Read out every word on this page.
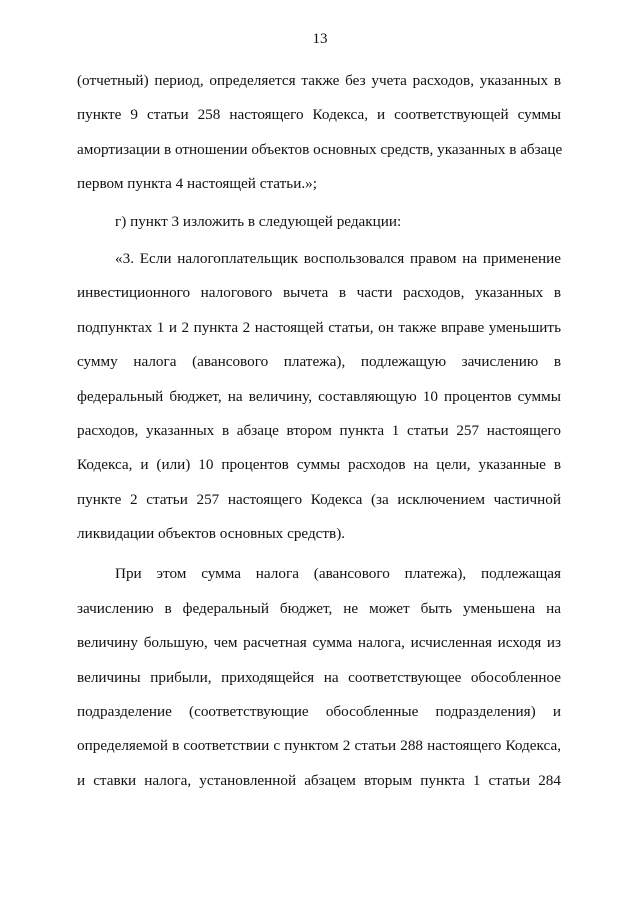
13
(отчетный) период, определяется также без учета расходов, указанных в
пункте 9 статьи 258 настоящего Кодекса, и соответствующей суммы
амортизации в отношении объектов основных средств, указанных в абзаце
первом пункта 4 настоящей статьи.»;
г) пункт 3 изложить в следующей редакции:
«3. Если налогоплательщик воспользовался правом на применение
инвестиционного налогового вычета в части расходов, указанных в
подпунктах 1 и 2 пункта 2 настоящей статьи, он также вправе уменьшить
сумму налога (авансового платежа), подлежащую зачислению в
федеральный бюджет, на величину, составляющую 10 процентов суммы
расходов, указанных в абзаце втором пункта 1 статьи 257 настоящего
Кодекса, и (или) 10 процентов суммы расходов на цели, указанные в
пункте 2 статьи 257 настоящего Кодекса (за исключением частичной
ликвидации объектов основных средств).
При этом сумма налога (авансового платежа), подлежащая
зачислению в федеральный бюджет, не может быть уменьшена на
величину большую, чем расчетная сумма налога, исчисленная исходя из
величины прибыли, приходящейся на соответствующее обособленное
подразделение (соответствующие обособленные подразделения) и
определяемой в соответствии с пунктом 2 статьи 288 настоящего Кодекса,
и ставки налога, установленной абзацем вторым пункта 1 статьи 284
